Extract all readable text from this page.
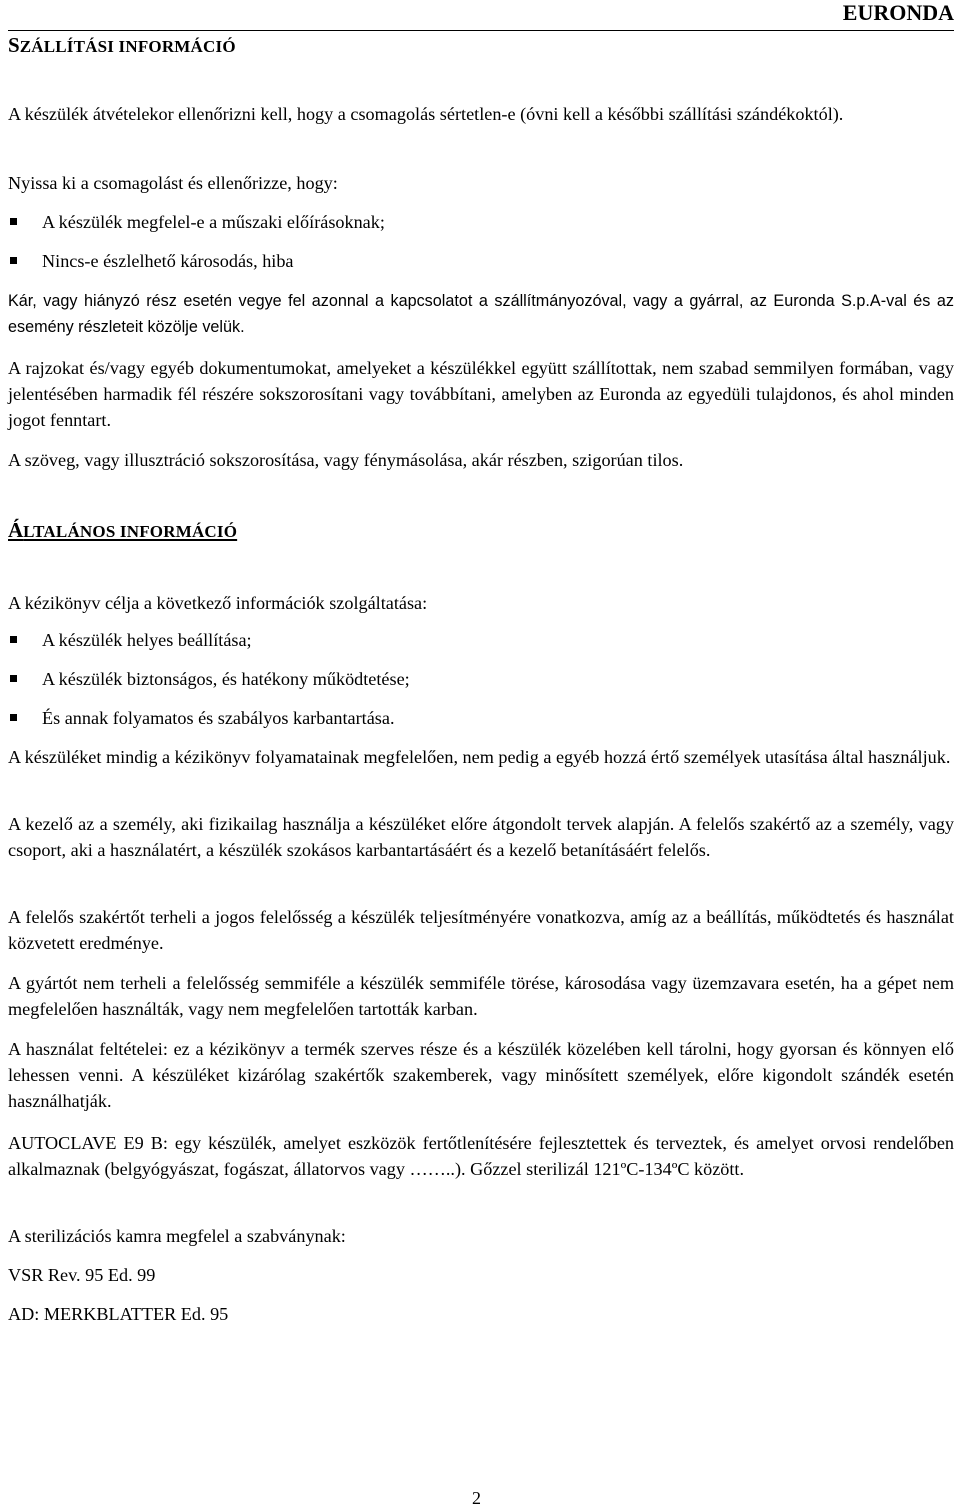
EURONDA
SZÁLLÍTÁSI INFORMÁCIÓ
A készülék átvételekor ellenőrizni kell, hogy a csomagolás sértetlen-e (óvni kell a későbbi szállítási szándékoktól).
Nyissa ki a csomagolást és ellenőrizze, hogy:
A készülék megfelel-e a műszaki előírásoknak;
Nincs-e észlelhető károsodás, hiba
Kár, vagy hiányzó rész esetén vegye fel azonnal a kapcsolatot a szállítmányozóval, vagy a gyárral, az Euronda S.p.A-val és az esemény részleteit közölje velük.
A rajzokat és/vagy egyéb dokumentumokat, amelyeket a készülékkel együtt szállítottak, nem szabad semmilyen formában, vagy jelentésében harmadik fél részére sokszorosítani vagy továbbítani, amelyben az Euronda az egyedüli tulajdonos, és ahol minden jogot fenntart.
A szöveg, vagy illusztráció sokszorosítása, vagy fénymásolása, akár részben, szigorúan tilos.
ÁLTALÁNOS INFORMÁCIÓ
A kézikönyv célja a következő információk szolgáltatása:
A készülék helyes beállítása;
A készülék biztonságos, és hatékony működtetése;
És annak folyamatos és szabályos karbantartása.
A készüléket mindig a kézikönyv folyamatainak megfelelően, nem pedig a egyéb hozzá értő személyek utasítása által használjuk.
A kezelő az a személy, aki fizikailag használja a készüléket előre átgondolt tervek alapján. A felelős szakértő az a személy, vagy csoport, aki a használatért, a készülék szokásos karbantartásáért és a kezelő betanításáért felelős.
A felelős szakértőt terheli a jogos felelősség a készülék teljesítményére vonatkozva, amíg az a beállítás, működtetés és használat közvetett eredménye.
A gyártót nem terheli a felelősség semmiféle a készülék semmiféle törése, károsodása vagy üzemzavara esetén, ha a gépet nem megfelelően használták, vagy nem megfelelően tartották karban.
A használat feltételei: ez a kézikönyv a termék szerves része és a készülék közelében kell tárolni, hogy gyorsan és könnyen elő lehessen venni. A készüléket kizárólag szakértők szakemberek, vagy minősített személyek, előre kigondolt szándék esetén használhatják.
AUTOCLAVE E9 B: egy készülék, amelyet eszközök fertőtlenítésére fejlesztettek és terveztek, és amelyet orvosi rendelőben alkalmaznak (belgyógyászat, fogászat, állatorvos vagy ……..). Gőzzel sterilizál 121ºC-134ºC között.
A sterilizációs kamra megfelel a szabványnak:
VSR Rev. 95 Ed. 99
AD: MERKBLATTER Ed. 95
2
